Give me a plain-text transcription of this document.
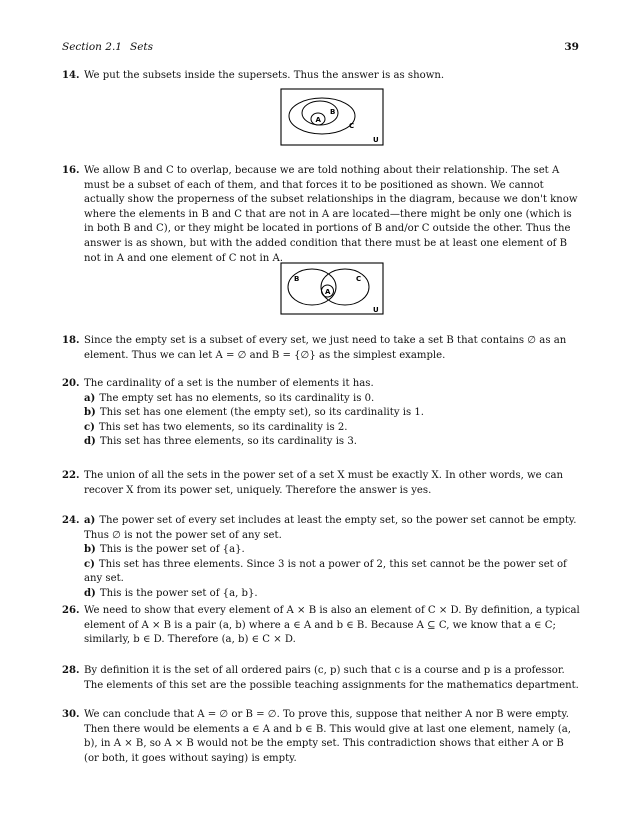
Section 2.1 Sets	39
14. We put the subsets inside the supersets. Thus the answer is as shown.

A
B
C
U
16. We allow B and C to overlap, because we are told nothing about their relationship. The set A must be a subset of each of them, and that forces it to be positioned as shown. We cannot actually show the properness of the subset relationships in the diagram, because we don't know where the elements in B and C that are not in A are located—there might be only one (which is in both B and C), or they might be located in portions of B and/or C outside the other. Thus the answer is as shown, but with the added condition that there must be at least one element of B not in A and one element of C not in A.

A
B	C
U
18. Since the empty set is a subset of every set, we just need to take a set B that contains ∅ as an element. Thus we can let A = ∅ and B = {∅} as the simplest example.

20. The cardinality of a set is the number of elements it has.

a) The empty set has no elements, so its cardinality is 0.

b) This set has one element (the empty set), so its cardinality is 1.

c) This set has two elements, so its cardinality is 2.

d) This set has three elements, so its cardinality is 3.

22. The union of all the sets in the power set of a set X must be exactly X. In other words, we can recover X from its power set, uniquely. Therefore the answer is yes.

24. a) The power set of every set includes at least the empty set, so the power set cannot be empty. Thus ∅ is not the power set of any set.

b) This is the power set of {a}.

c) This set has three elements. Since 3 is not a power of 2, this set cannot be the power set of any set.

d) This is the power set of {a, b}.

26. We need to show that every element of A × B is also an element of C × D. By definition, a typical element of A × B is a pair (a, b) where a ∈ A and b ∈ B. Because A ⊆ C, we know that a ∈ C; similarly, b ∈ D. Therefore (a, b) ∈ C × D.

28. By definition it is the set of all ordered pairs (c, p) such that c is a course and p is a professor. The elements of this set are the possible teaching assignments for the mathematics department.

30. We can conclude that A = ∅ or B = ∅. To prove this, suppose that neither A nor B were empty. Then there would be elements a ∈ A and b ∈ B. This would give at last one element, namely (a, b), in A × B, so A × B would not be the empty set. This contradiction shows that either A or B (or both, it goes without saying) is empty.
